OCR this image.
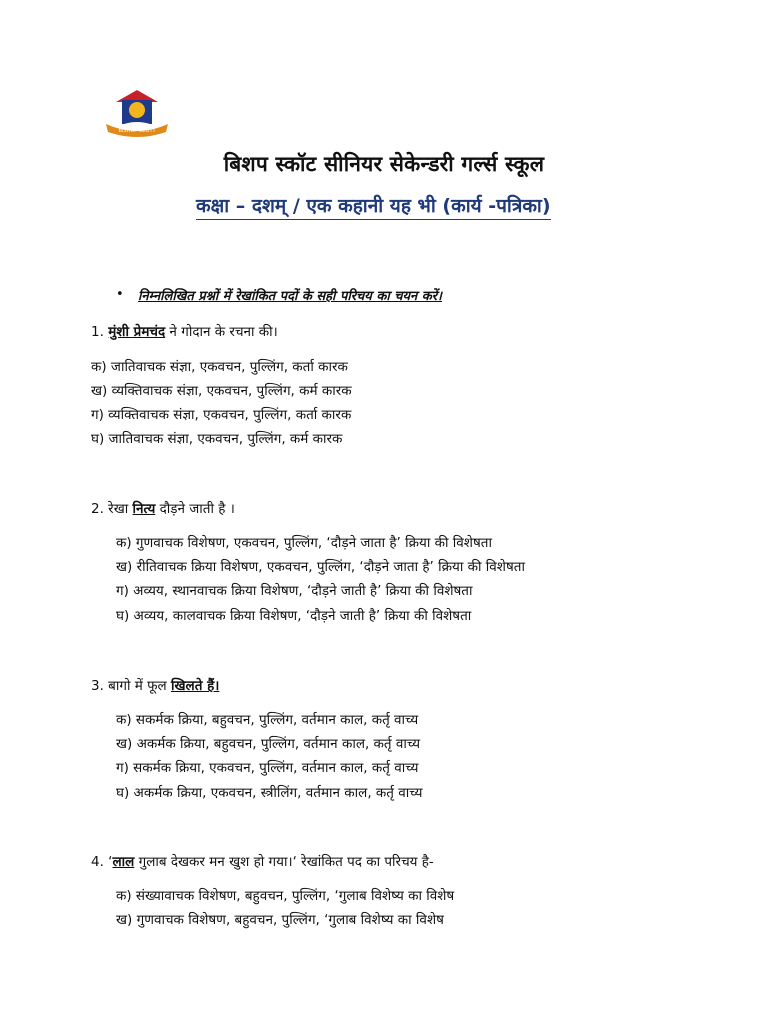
BISHOP SCOTT
बिशप स्कॉट सीनियर सेकेन्डरी गर्ल्स स्कूल
कक्षा – दशम् / एक कहानी यह भी (कार्य -पत्रिका)
• निम्नलिखित प्रश्नों में रेखांकित पदों के सही परिचय का चयन करें।
1. मुंशी प्रेमचंद ने गोदान के रचना की।
क) जातिवाचक संज्ञा, एकवचन, पुल्लिंग, कर्ता कारक
ख) व्यक्तिवाचक संज्ञा, एकवचन, पुल्लिंग, कर्म कारक
ग) व्यक्तिवाचक संज्ञा, एकवचन, पुल्लिंग, कर्ता कारक
घ) जातिवाचक संज्ञा, एकवचन, पुल्लिंग, कर्म कारक
2. रेखा नित्य दौड़ने जाती है ।
क) गुणवाचक विशेषण, एकवचन, पुल्लिंग, ‘दौड़ने जाता है’ क्रिया की विशेषता
ख) रीतिवाचक क्रिया विशेषण, एकवचन, पुल्लिंग, ‘दौड़ने जाता है’ क्रिया की विशेषता
ग) अव्यय, स्थानवाचक क्रिया विशेषण, ‘दौड़ने जाती है’ क्रिया की विशेषता
घ) अव्यय, कालवाचक क्रिया विशेषण, ‘दौड़ने जाती है’ क्रिया की विशेषता
3. बागो में फूल खिलते हैं।
क) सकर्मक क्रिया, बहुवचन, पुल्लिंग, वर्तमान काल, कर्तृ वाच्य
ख) अकर्मक क्रिया, बहुवचन, पुल्लिंग, वर्तमान काल, कर्तृ वाच्य
ग) सकर्मक क्रिया, एकवचन, पुल्लिंग, वर्तमान काल, कर्तृ वाच्य
घ) अकर्मक क्रिया, एकवचन, स्त्रीलिंग, वर्तमान काल, कर्तृ वाच्य
4. ‘लाल गुलाब देखकर मन खुश हो गया।‘ रेखांकित पद का परिचय है-
क) संख्यावाचक विशेषण, बहुवचन, पुल्लिंग, ‘गुलाब विशेष्य का विशेष
ख) गुणवाचक विशेषण, बहुवचन, पुल्लिंग, ‘गुलाब विशेष्य का विशेष
